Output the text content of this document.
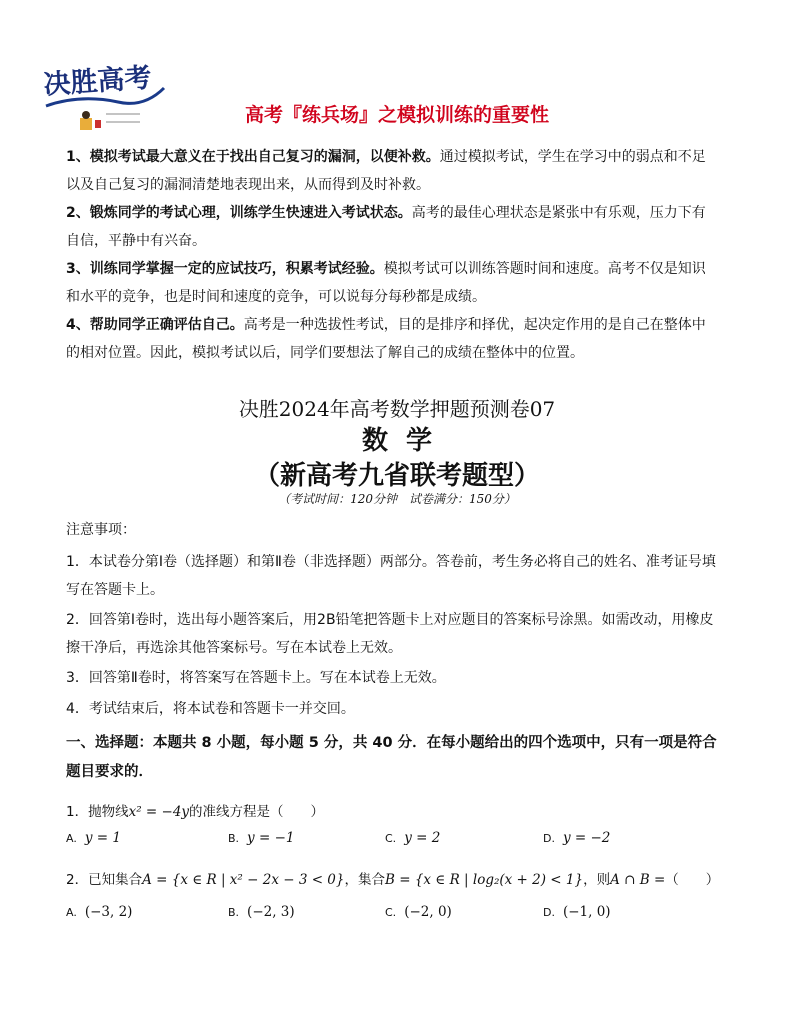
决胜高考
高考『练兵场』之模拟训练的重要性
1、模拟考试最大意义在于找出自己复习的漏洞，以便补救。通过模拟考试，学生在学习中的弱点和不足以及自己复习的漏洞清楚地表现出来，从而得到及时补救。
2、锻炼同学的考试心理，训练学生快速进入考试状态。高考的最佳心理状态是紧张中有乐观，压力下有自信，平静中有兴奋。
3、训练同学掌握一定的应试技巧，积累考试经验。模拟考试可以训练答题时间和速度。高考不仅是知识和水平的竞争，也是时间和速度的竞争，可以说每分每秒都是成绩。
4、帮助同学正确评估自己。高考是一种选拔性考试，目的是排序和择优，起决定作用的是自己在整体中的相对位置。因此，模拟考试以后，同学们要想法了解自己的成绩在整体中的位置。
决胜2024年高考数学押题预测卷07
数学
（新高考九省联考题型）
（考试时间：120分钟　试卷满分：150分）
注意事项：
1．本试卷分第Ⅰ卷（选择题）和第Ⅱ卷（非选择题）两部分。答卷前，考生务必将自己的姓名、准考证号填写在答题卡上。
2．回答第Ⅰ卷时，选出每小题答案后，用2B铅笔把答题卡上对应题目的答案标号涂黑。如需改动，用橡皮擦干净后，再选涂其他答案标号。写在本试卷上无效。
3．回答第Ⅱ卷时，将答案写在答题卡上。写在本试卷上无效。
4．考试结束后，将本试卷和答题卡一并交回。
一、选择题：本题共 8 小题，每小题 5 分，共 40 分．在每小题给出的四个选项中，只有一项是符合题目要求的．
1．抛物线x² = −4y的准线方程是（　　）
A. y = 1	B. y = −1	C. y = 2	D. y = −2
2．已知集合A = {x ∈ R | x² − 2x − 3 < 0}，集合B = {x ∈ R | log₂(x + 2) < 1}，则A ∩ B =（　　）
A. (−3, 2)	B. (−2, 3)	C. (−2, 0)	D. (−1, 0)
